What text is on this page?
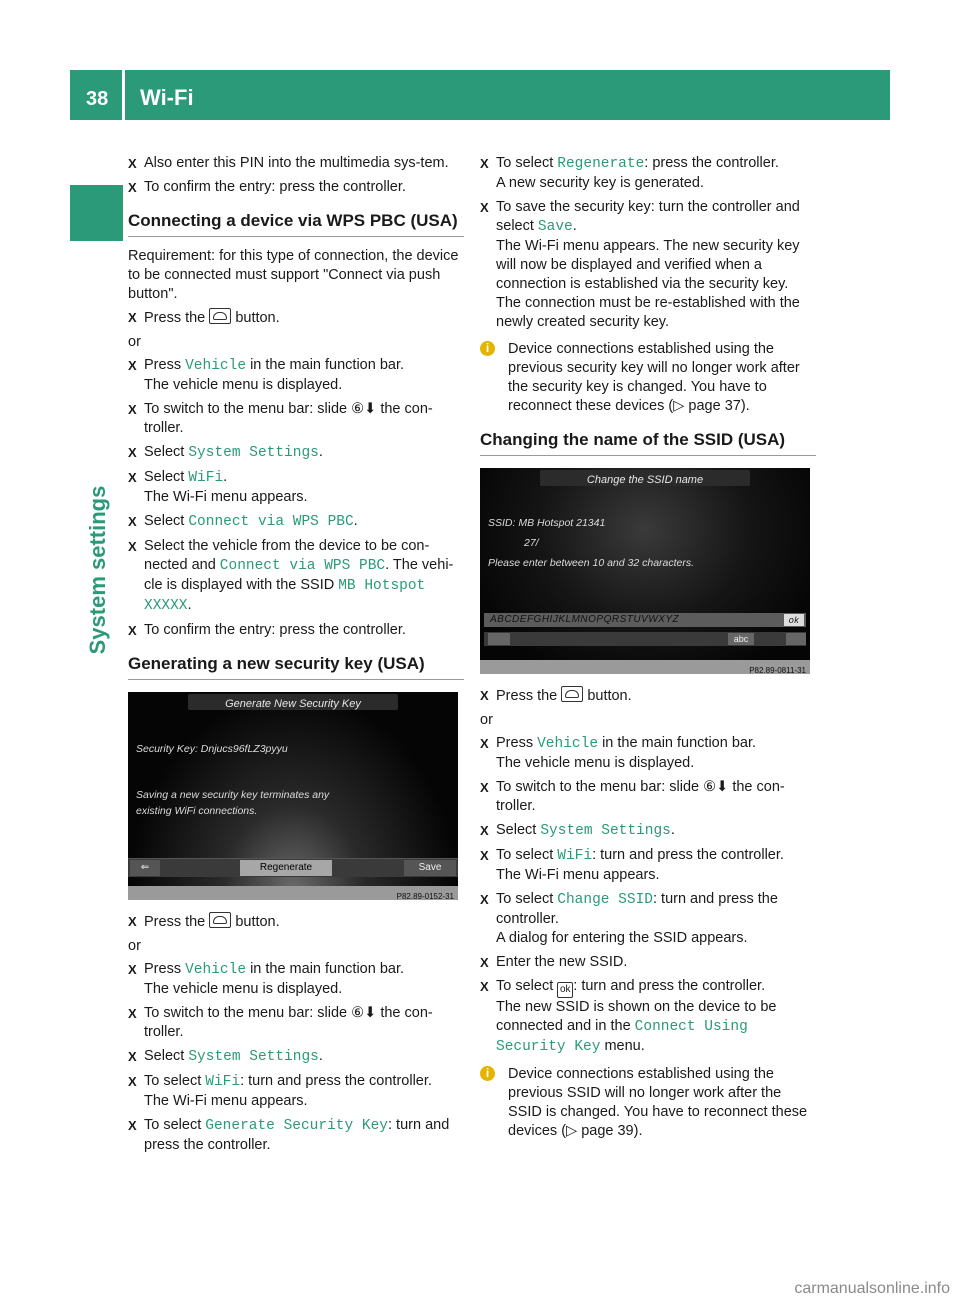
38 Wi-Fi
System settings
X Also enter this PIN into the multimedia sys-tem.
X To confirm the entry: press the controller.
Connecting a device via WPS PBC (USA)
Requirement: for this type of connection, the device to be connected must support "Connect via push button".
X Press the button.
or
X Press Vehicle in the main function bar.
The vehicle menu is displayed.
X To switch to the menu bar: slide ⑥⬇ the con-troller.
X Select System Settings.
X Select WiFi.
The Wi-Fi menu appears.
X Select Connect via WPS PBC.
X Select the vehicle from the device to be con-nected and Connect via WPS PBC. The vehi-cle is displayed with the SSID MB Hotspot XXXXX.
X To confirm the entry: press the controller.
Generating a new security key (USA)
Generate New Security Key
Security Key: Dnjucs96fLZ3pyyu
Saving a new security key terminates any
existing WiFi connections.
⇐	Regenerate	Save
P82.89-0152-31
X Press the button.
or
X Press Vehicle in the main function bar.
The vehicle menu is displayed.
X To switch to the menu bar: slide ⑥⬇ the con-troller.
X Select System Settings.
X To select WiFi: turn and press the controller.
The Wi-Fi menu appears.
X To select Generate Security Key: turn and press the controller.
X To select Regenerate: press the controller.
A new security key is generated.
X To save the security key: turn the controller and select Save.
The Wi-Fi menu appears. The new security key will now be displayed and verified when a connection is established via the security key. The connection must be re-established with the newly created security key.
i	Device connections established using the previous security key will no longer work after the security key is changed. You have to reconnect these devices (▷ page 37).
Changing the name of the SSID (USA)
Change the SSID name
SSID: MB Hotspot 21341
27/
Please enter between 10 and 32 characters.
ABCDEFGHIJKLMNOPQRSTUVWXYZ	ok
abc
P82.89-0811-31
X Press the button.
or
X Press Vehicle in the main function bar.
The vehicle menu is displayed.
X To switch to the menu bar: slide ⑥⬇ the con-troller.
X Select System Settings.
X To select WiFi: turn and press the controller.
The Wi-Fi menu appears.
X To select Change SSID: turn and press the controller.
A dialog for entering the SSID appears.
X Enter the new SSID.
X To select ok : turn and press the controller.
The new SSID is shown on the device to be connected and in the Connect Using Security Key menu.
i	Device connections established using the previous SSID will no longer work after the SSID is changed. You have to reconnect these devices (▷ page 39).
carmanualsonline.info
